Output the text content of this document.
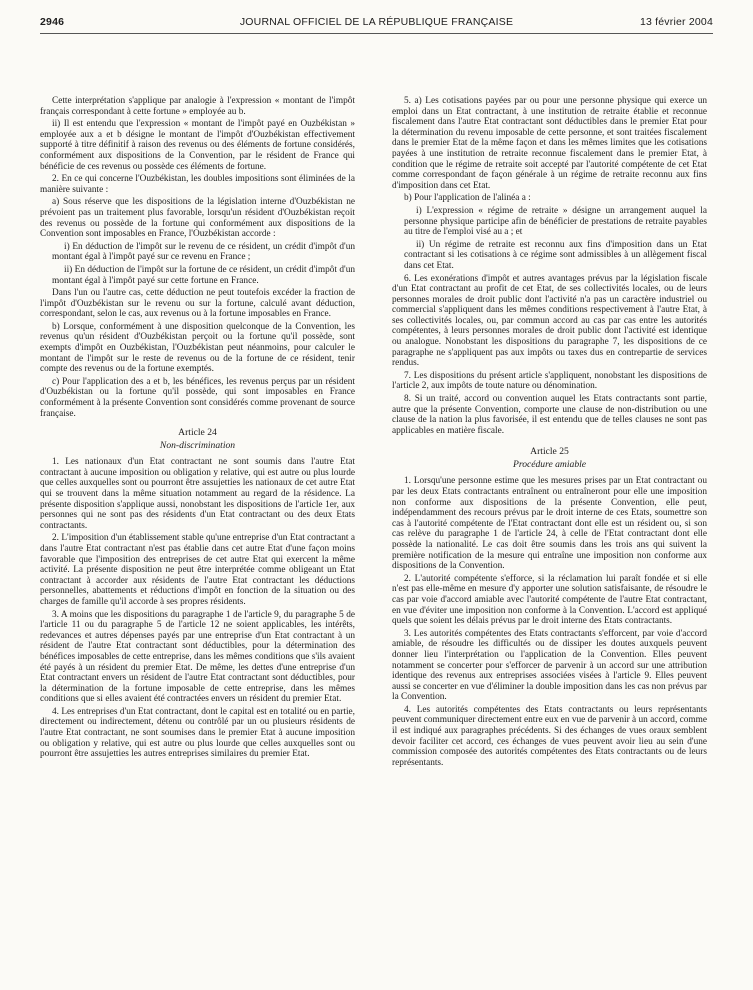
2946	JOURNAL OFFICIEL DE LA RÉPUBLIQUE FRANÇAISE	13 février 2004

Cette interprétation s'applique par analogie à l'expression « montant de l'impôt français correspondant à cette fortune » employée au b.

ii) Il est entendu que l'expression « montant de l'impôt payé en Ouzbékistan » employée aux a et b désigne le montant de l'impôt d'Ouzbékistan effectivement supporté à titre définitif à raison des revenus ou des éléments de fortune considérés, conformément aux dispositions de la Convention, par le résident de France qui bénéficie de ces revenus ou possède ces éléments de fortune.

2. En ce qui concerne l'Ouzbékistan, les doubles impositions sont éliminées de la manière suivante :

a) Sous réserve que les dispositions de la législation interne d'Ouzbékistan ne prévoient pas un traitement plus favorable, lorsqu'un résident d'Ouzbékistan reçoit des revenus ou possède de la fortune qui conformément aux dispositions de la Convention sont imposables en France, l'Ouzbékistan accorde :

i) En déduction de l'impôt sur le revenu de ce résident, un crédit d'impôt d'un montant égal à l'impôt payé sur ce revenu en France ;

ii) En déduction de l'impôt sur la fortune de ce résident, un crédit d'impôt d'un montant égal à l'impôt payé sur cette fortune en France.

Dans l'un ou l'autre cas, cette déduction ne peut toutefois excéder la fraction de l'impôt d'Ouzbékistan sur le revenu ou sur la fortune, calculé avant déduction, correspondant, selon le cas, aux revenus ou à la fortune imposables en France.

b) Lorsque, conformément à une disposition quelconque de la Convention, les revenus qu'un résident d'Ouzbékistan perçoit ou la fortune qu'il possède, sont exempts d'impôt en Ouzbékistan, l'Ouzbékistan peut néanmoins, pour calculer le montant de l'impôt sur le reste de revenus ou de la fortune de ce résident, tenir compte des revenus ou de la fortune exemptés.

c) Pour l'application des a et b, les bénéfices, les revenus perçus par un résident d'Ouzbékistan ou la fortune qu'il possède, qui sont imposables en France conformément à la présente Convention sont considérés comme provenant de source française.

Article 24
Non-discrimination

1. Les nationaux d'un Etat contractant ne sont soumis dans l'autre Etat contractant à aucune imposition ou obligation y relative, qui est autre ou plus lourde que celles auxquelles sont ou pourront être assujetties les nationaux de cet autre Etat qui se trouvent dans la même situation notamment au regard de la résidence. La présente disposition s'applique aussi, nonobstant les dispositions de l'article 1er, aux personnes qui ne sont pas des résidents d'un Etat contractant ou des deux Etats contractants.

2. L'imposition d'un établissement stable qu'une entreprise d'un Etat contractant a dans l'autre Etat contractant n'est pas établie dans cet autre Etat d'une façon moins favorable que l'imposition des entreprises de cet autre Etat qui exercent la même activité. La présente disposition ne peut être interprétée comme obligeant un Etat contractant à accorder aux résidents de l'autre Etat contractant les déductions personnelles, abattements et réductions d'impôt en fonction de la situation ou des charges de famille qu'il accorde à ses propres résidents.

3. A moins que les dispositions du paragraphe 1 de l'article 9, du paragraphe 5 de l'article 11 ou du paragraphe 5 de l'article 12 ne soient applicables, les intérêts, redevances et autres dépenses payés par une entreprise d'un Etat contractant à un résident de l'autre Etat contractant sont déductibles, pour la détermination des bénéfices imposables de cette entreprise, dans les mêmes conditions que s'ils avaient été payés à un résident du premier Etat. De même, les dettes d'une entreprise d'un Etat contractant envers un résident de l'autre Etat contractant sont déductibles, pour la détermination de la fortune imposable de cette entreprise, dans les mêmes conditions que si elles avaient été contractées envers un résident du premier Etat.

4. Les entreprises d'un Etat contractant, dont le capital est en totalité ou en partie, directement ou indirectement, détenu ou contrôlé par un ou plusieurs résidents de l'autre Etat contractant, ne sont soumises dans le premier Etat à aucune imposition ou obligation y relative, qui est autre ou plus lourde que celles auxquelles sont ou pourront être assujetties les autres entreprises similaires du premier Etat.

5. a) Les cotisations payées par ou pour une personne physique qui exerce un emploi dans un Etat contractant, à une institution de retraite établie et reconnue fiscalement dans l'autre Etat contractant sont déductibles dans le premier Etat pour la détermination du revenu imposable de cette personne, et sont traitées fiscalement dans le premier Etat de la même façon et dans les mêmes limites que les cotisations payées à une institution de retraite reconnue fiscalement dans le premier Etat, à condition que le régime de retraite soit accepté par l'autorité compétente de cet Etat comme correspondant de façon générale à un régime de retraite reconnu aux fins d'imposition dans cet Etat.

b) Pour l'application de l'alinéa a :

i) L'expression « régime de retraite » désigne un arrangement auquel la personne physique participe afin de bénéficier de prestations de retraite payables au titre de l'emploi visé au a ; et

ii) Un régime de retraite est reconnu aux fins d'imposition dans un Etat contractant si les cotisations à ce régime sont admissibles à un allègement fiscal dans cet Etat.

6. Les exonérations d'impôt et autres avantages prévus par la législation fiscale d'un Etat contractant au profit de cet Etat, de ses collectivités locales, ou de leurs personnes morales de droit public dont l'activité n'a pas un caractère industriel ou commercial s'appliquent dans les mêmes conditions respectivement à l'autre Etat, à ses collectivités locales, ou, par commun accord au cas par cas entre les autorités compétentes, à leurs personnes morales de droit public dont l'activité est identique ou analogue. Nonobstant les dispositions du paragraphe 7, les dispositions de ce paragraphe ne s'appliquent pas aux impôts ou taxes dus en contrepartie de services rendus.

7. Les dispositions du présent article s'appliquent, nonobstant les dispositions de l'article 2, aux impôts de toute nature ou dénomination.

8. Si un traité, accord ou convention auquel les Etats contractants sont partie, autre que la présente Convention, comporte une clause de non-distribution ou une clause de la nation la plus favorisée, il est entendu que de telles clauses ne sont pas applicables en matière fiscale.

Article 25
Procédure amiable

1. Lorsqu'une personne estime que les mesures prises par un Etat contractant ou par les deux Etats contractants entraînent ou entraîneront pour elle une imposition non conforme aux dispositions de la présente Convention, elle peut, indépendamment des recours prévus par le droit interne de ces Etats, soumettre son cas à l'autorité compétente de l'Etat contractant dont elle est un résident ou, si son cas relève du paragraphe 1 de l'article 24, à celle de l'Etat contractant dont elle possède la nationalité. Le cas doit être soumis dans les trois ans qui suivent la première notification de la mesure qui entraîne une imposition non conforme aux dispositions de la Convention.

2. L'autorité compétente s'efforce, si la réclamation lui paraît fondée et si elle n'est pas elle-même en mesure d'y apporter une solution satisfaisante, de résoudre le cas par voie d'accord amiable avec l'autorité compétente de l'autre Etat contractant, en vue d'éviter une imposition non conforme à la Convention. L'accord est appliqué quels que soient les délais prévus par le droit interne des Etats contractants.

3. Les autorités compétentes des Etats contractants s'efforcent, par voie d'accord amiable, de résoudre les difficultés ou de dissiper les doutes auxquels peuvent donner lieu l'interprétation ou l'application de la Convention. Elles peuvent notamment se concerter pour s'efforcer de parvenir à un accord sur une attribution identique des revenus aux entreprises associées visées à l'article 9. Elles peuvent aussi se concerter en vue d'éliminer la double imposition dans les cas non prévus par la Convention.

4. Les autorités compétentes des Etats contractants ou leurs représentants peuvent communiquer directement entre eux en vue de parvenir à un accord, comme il est indiqué aux paragraphes précédents. Si des échanges de vues oraux semblent devoir faciliter cet accord, ces échanges de vues peuvent avoir lieu au sein d'une commission composée des autorités compétentes des Etats contractants ou de leurs représentants.
